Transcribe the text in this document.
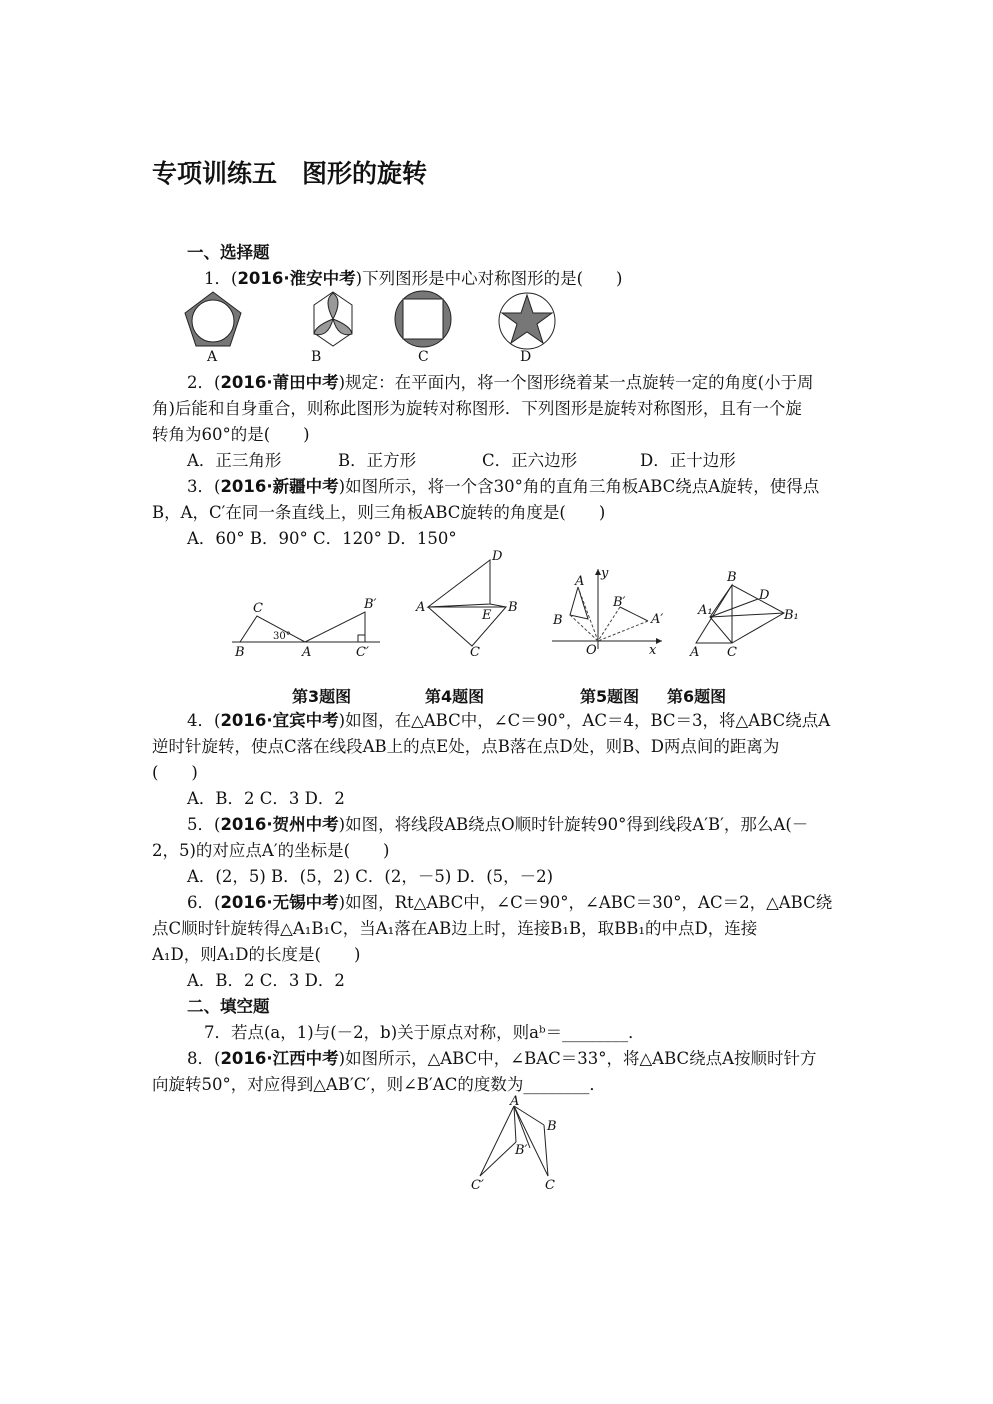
专项训练五　图形的旋转
一、选择题
1．(2016·淮安中考)下列图形是中心对称图形的是(　　)
A	B	C	D
2．(2016·莆田中考)规定：在平面内，将一个图形绕着某一点旋转一定的角度(小于周
角)后能和自身重合，则称此图形为旋转对称图形．下列图形是旋转对称图形，且有一个旋
转角为60°的是(　　)
A．正三角形	B．正方形	C．正六边形	D．正十边形
3．(2016·新疆中考)如图所示，将一个含30°角的直角三角板ABC绕点A旋转，使得点
B，A，C′在同一条直线上，则三角板ABC旋转的角度是(　　)
A．60° B．90° C．120° D．150°
C
B	A	C′
B′
30°
D
A
E
B
C
y
A
B′
B	A′
O	x
B
D
A₁	B₁
A C
第3题图	第4题图	第5题图 第6题图
4．(2016·宜宾中考)如图，在△ABC中，∠C＝90°，AC＝4，BC＝3，将△ABC绕点A
逆时针旋转，使点C落在线段AB上的点E处，点B落在点D处，则B、D两点间的距离为
(　　)
A．B．2 C．3 D．2
5．(2016·贺州中考)如图，将线段AB绕点O顺时针旋转90°得到线段A′B′，那么A(－
2，5)的对应点A′的坐标是(　　)
A．(2，5) B．(5，2) C．(2，－5) D．(5，－2)
6．(2016·无锡中考)如图，Rt△ABC中，∠C＝90°，∠ABC＝30°，AC＝2，△ABC绕
点C顺时针旋转得△A₁B₁C，当A₁落在AB边上时，连接B₁B，取BB₁的中点D，连接
A₁D，则A₁D的长度是(　　)
A．B．2 C．3 D．2
二、填空题
7．若点(a，1)与(－2，b)关于原点对称，则aᵇ＝________．
8．(2016·江西中考)如图所示，△ABC中，∠BAC＝33°，将△ABC绕点A按顺时针方
向旋转50°，对应得到△AB′C′，则∠B′AC的度数为________．
A
B
B′
C′	C
